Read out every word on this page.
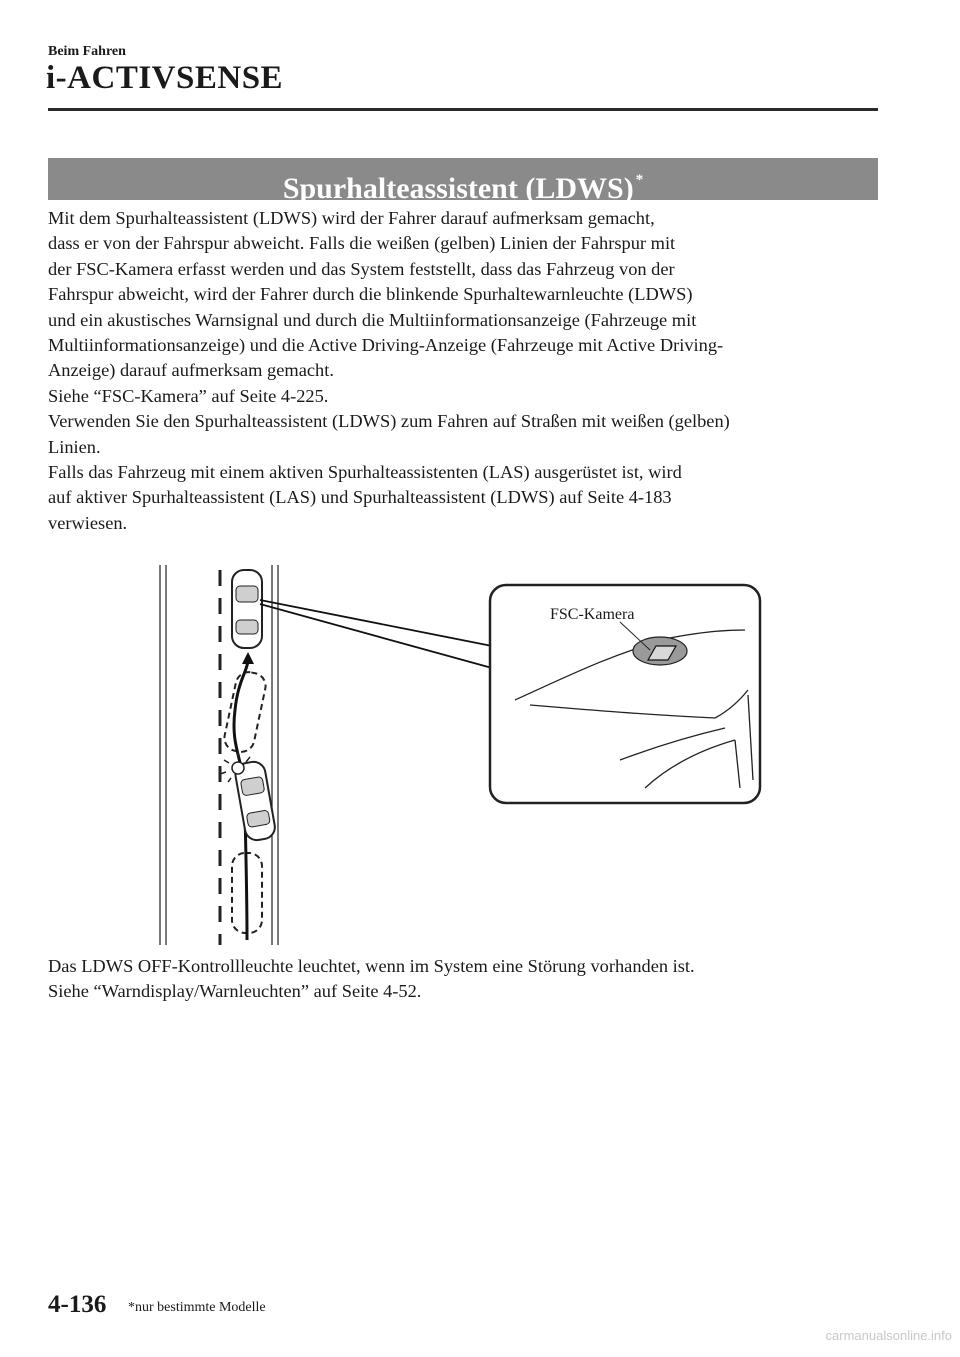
Beim Fahren
i-ACTIVSENSE
Spurhalteassistent (LDWS) *

Mit dem Spurhalteassistent (LDWS) wird der Fahrer darauf aufmerksam gemacht,

dass er von der Fahrspur abweicht. Falls die weißen (gelben) Linien der Fahrspur mit

der FSC-Kamera erfasst werden und das System feststellt, dass das Fahrzeug von der

Fahrspur abweicht, wird der Fahrer durch die blinkende Spurhaltewarnleuchte (LDWS)

und ein akustisches Warnsignal und durch die Multiinformationsanzeige (Fahrzeuge mit

Multiinformationsanzeige) und die Active Driving-Anzeige (Fahrzeuge mit Active Driving-

Anzeige) darauf aufmerksam gemacht.

Siehe “FSC-Kamera” auf Seite 4-225.

Verwenden Sie den Spurhalteassistent (LDWS) zum Fahren auf Straßen mit weißen (gelben)

Linien.

Falls das Fahrzeug mit einem aktiven Spurhalteassistenten (LAS) ausgerüstet ist, wird

auf aktiver Spurhalteassistent (LAS) und Spurhalteassistent (LDWS) auf Seite 4-183

verwiesen.

FSC-Kamera

Das LDWS OFF-Kontrollleuchte leuchtet, wenn im System eine Störung vorhanden ist.

Siehe “Warndisplay/Warnleuchten” auf Seite 4-52.

4-136 *nur bestimmte Modelle
carmanualsonline.info
